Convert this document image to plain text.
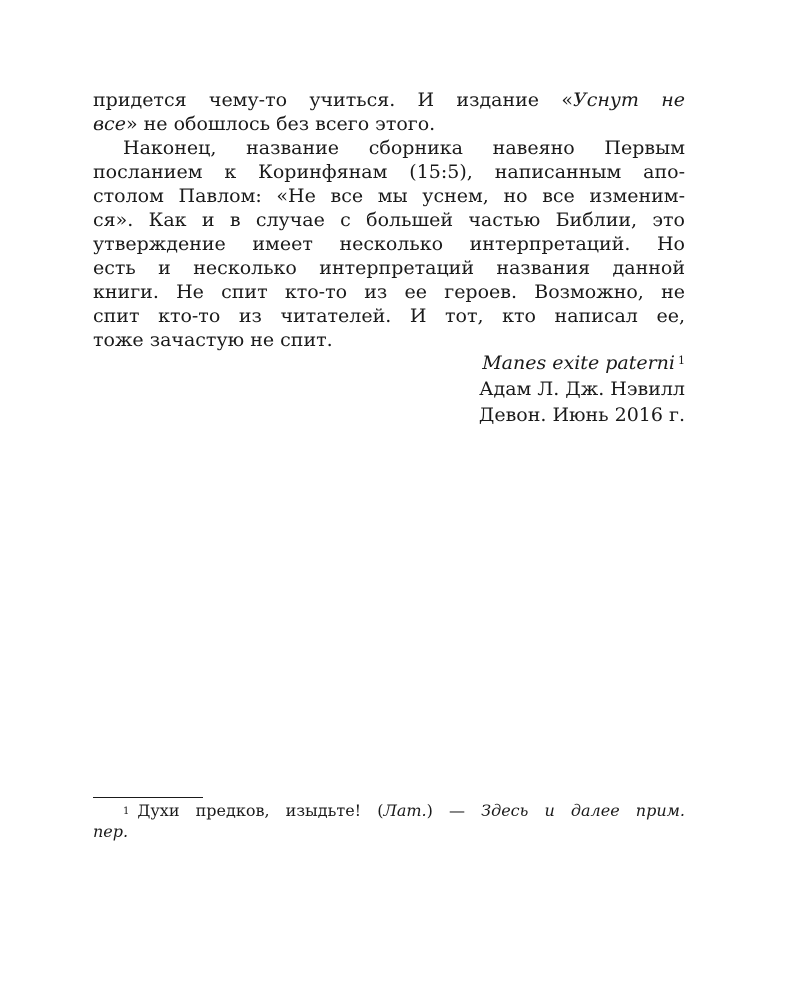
придется чему-то учиться. И издание «Уснут не
все» не обошлось без всего этого.
Наконец, название сборника навеяно Первым
посланием к Коринфянам (15:5), написанным апо-
столом Павлом: «Не все мы уснем, но все изменим-
ся». Как и в случае с большей частью Библии, это
утверждение имеет несколько интерпретаций. Но
есть и несколько интерпретаций названия данной
книги. Не спит кто-то из ее героев. Возможно, не
спит кто-то из читателей. И тот, кто написал ее,
тоже зачастую не спит.
Manes exite paterni $^1$
Адам Л. Дж. Нэвилл
Девон. Июнь 2016 г.
$^1$ Духи предков, изыдьте! (Лат.) — Здесь и далее прим.
пер.
